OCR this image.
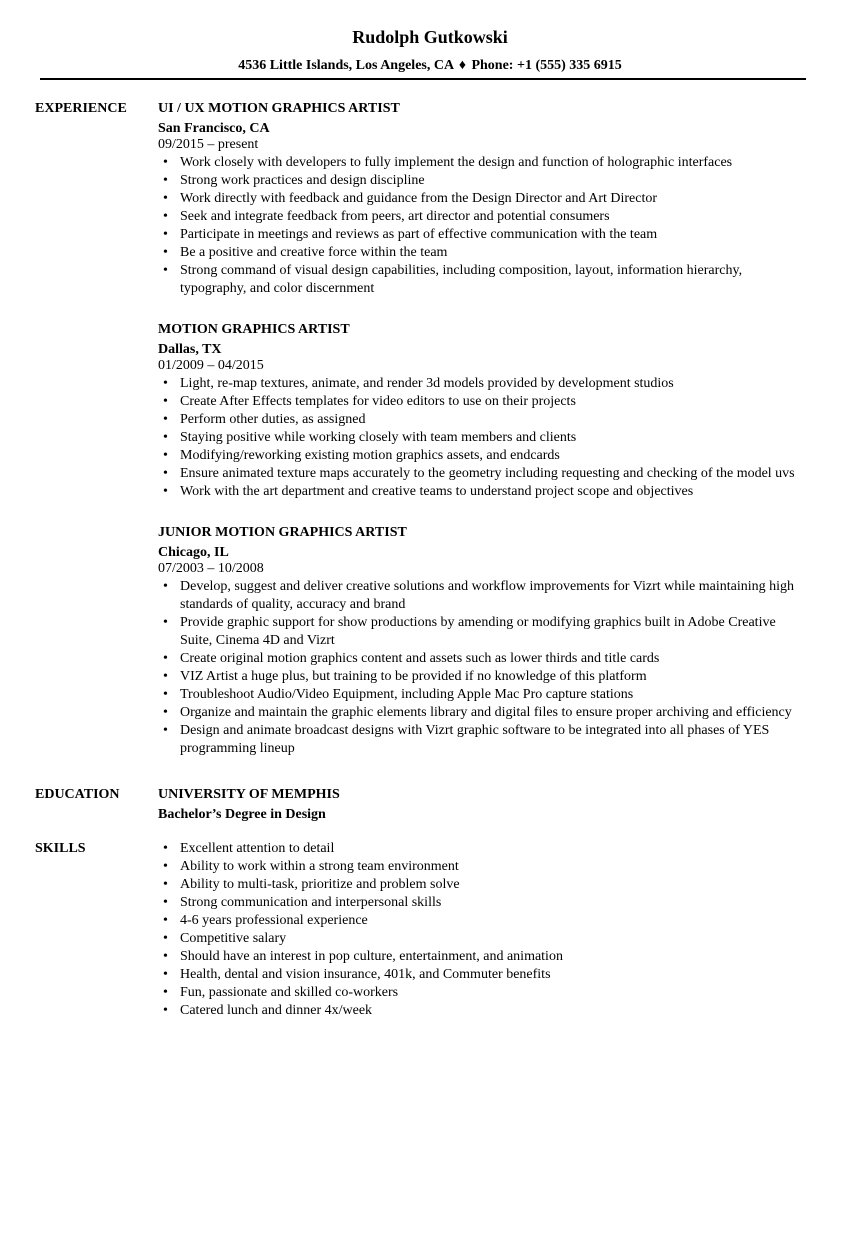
Rudolph Gutkowski
4536 Little Islands, Los Angeles, CA ♦ Phone: +1 (555) 335 6915
EXPERIENCE UI / UX MOTION GRAPHICS ARTIST
San Francisco, CA
09/2015 – present
• Work closely with developers to fully implement the design and function of holographic interfaces
• Strong work practices and design discipline
• Work directly with feedback and guidance from the Design Director and Art Director
• Seek and integrate feedback from peers, art director and potential consumers
• Participate in meetings and reviews as part of effective communication with the team
• Be a positive and creative force within the team
• Strong command of visual design capabilities, including composition, layout, information hierarchy, typography, and color discernment
MOTION GRAPHICS ARTIST
Dallas, TX
01/2009 – 04/2015
• Light, re-map textures, animate, and render 3d models provided by development studios
• Create After Effects templates for video editors to use on their projects
• Perform other duties, as assigned
• Staying positive while working closely with team members and clients
• Modifying/reworking existing motion graphics assets, and endcards
• Ensure animated texture maps accurately to the geometry including requesting and checking of the model uvs
• Work with the art department and creative teams to understand project scope and objectives
JUNIOR MOTION GRAPHICS ARTIST
Chicago, IL
07/2003 – 10/2008
• Develop, suggest and deliver creative solutions and workflow improvements for Vizrt while maintaining high standards of quality, accuracy and brand
• Provide graphic support for show productions by amending or modifying graphics built in Adobe Creative Suite, Cinema 4D and Vizrt
• Create original motion graphics content and assets such as lower thirds and title cards
• VIZ Artist a huge plus, but training to be provided if no knowledge of this platform
• Troubleshoot Audio/Video Equipment, including Apple Mac Pro capture stations
• Organize and maintain the graphic elements library and digital files to ensure proper archiving and efficiency
• Design and animate broadcast designs with Vizrt graphic software to be integrated into all phases of YES programming lineup
EDUCATION	UNIVERSITY OF MEMPHIS
Bachelor’s Degree in Design
SKILLS	• Excellent attention to detail
• Ability to work within a strong team environment
• Ability to multi-task, prioritize and problem solve
• Strong communication and interpersonal skills
• 4-6 years professional experience
• Competitive salary
• Should have an interest in pop culture, entertainment, and animation
• Health, dental and vision insurance, 401k, and Commuter benefits
• Fun, passionate and skilled co-workers
• Catered lunch and dinner 4x/week
